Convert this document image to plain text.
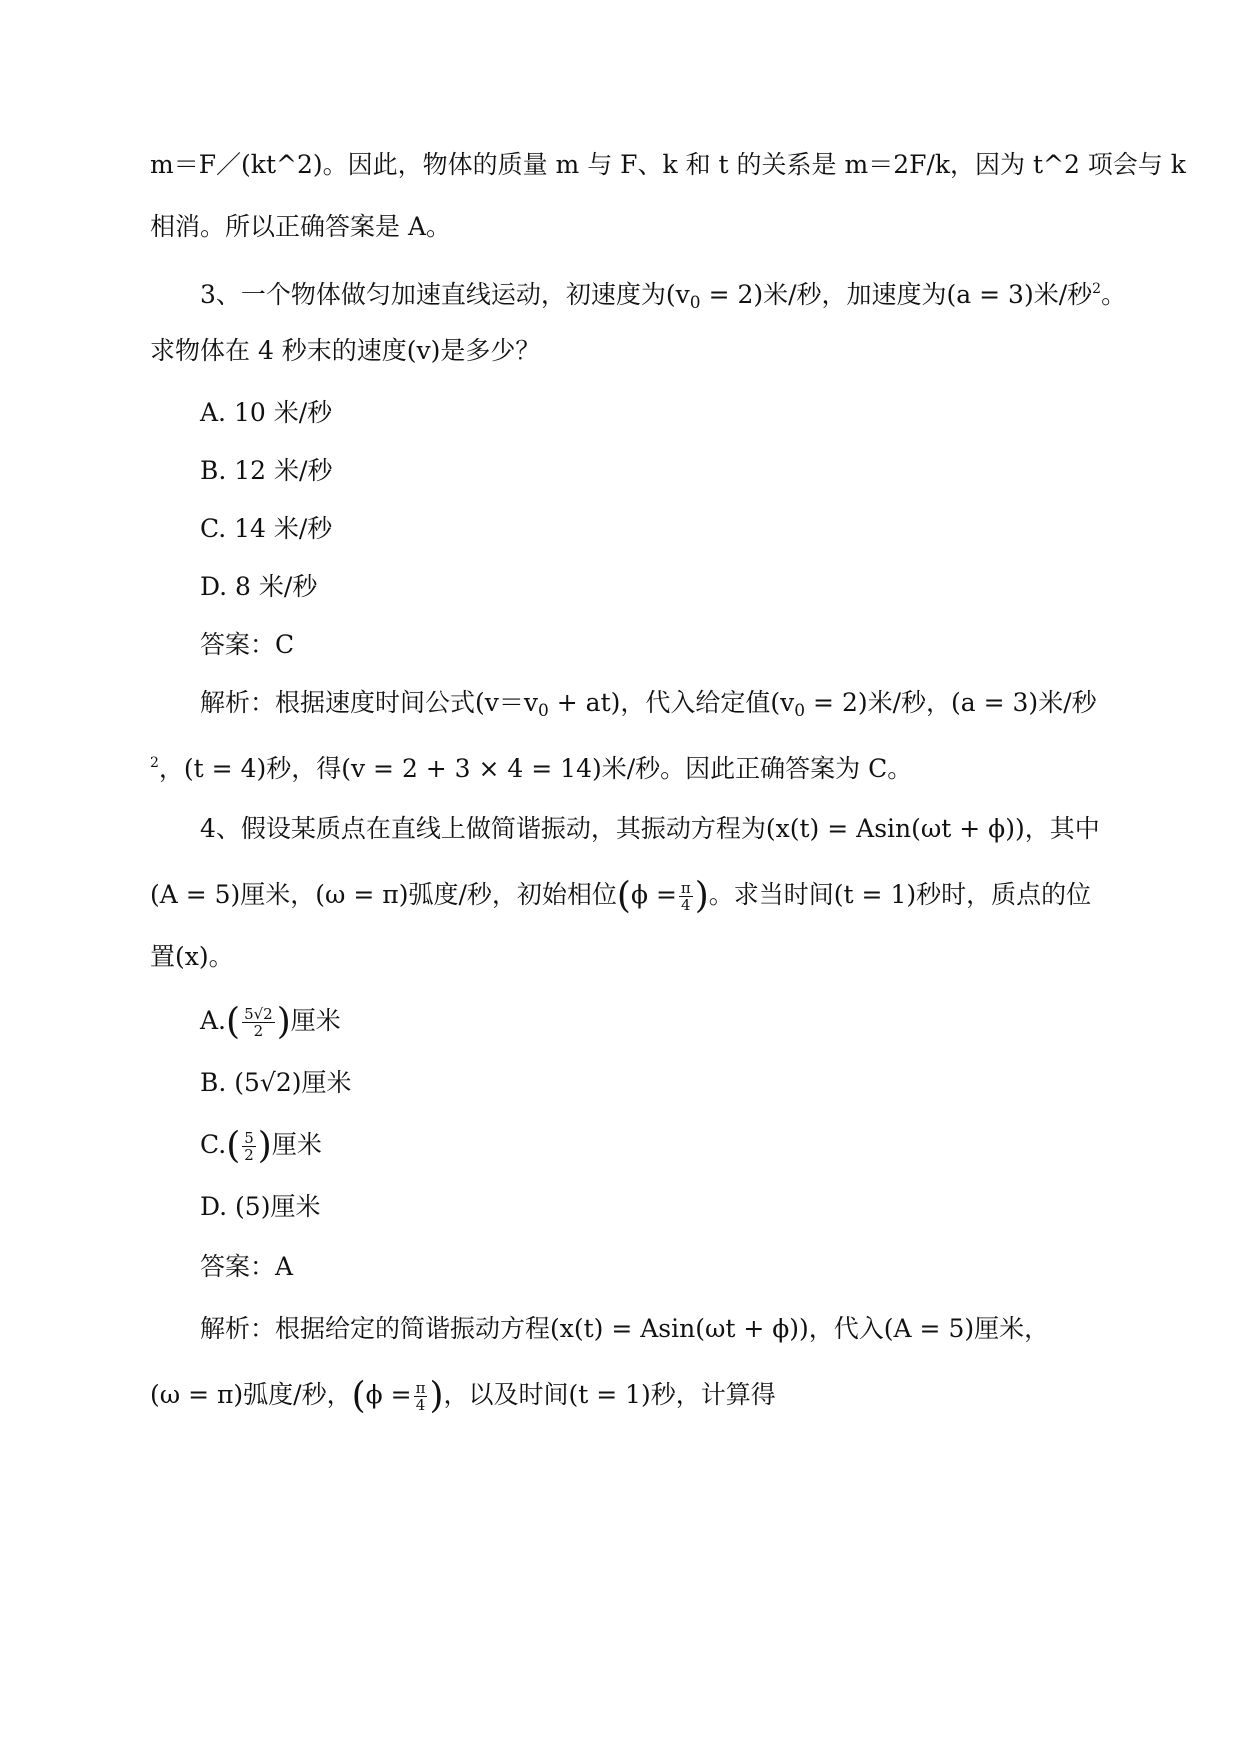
m＝F／(kt^2)。因此，物体的质量 m 与 F、k 和 t 的关系是 m＝2F/k，因为 t^2 项会与 k
相消。所以正确答案是 A。
3、一个物体做匀加速直线运动，初速度为$(v_0 = 2)$米/秒，加速度为(a = 3)米/秒$^2$。
求物体在 4 秒末的速度(v)是多少？
A. 10 米/秒
B. 12 米/秒
C. 14 米/秒
D. 8 米/秒
答案：C
解析：根据速度时间公式$(v=v_0 + at)$，代入给定值$(v_0 = 2)$米/秒，(a = 3)米/秒
$^2$，(t = 4)秒，得(v = 2 + 3 × 4 = 14)米/秒。因此正确答案为 C。
4、假设某质点在直线上做简谐振动，其振动方程为(x(t) = Asin(ωt + ϕ))，其中
(A = 5)厘米，(ω = π)弧度/秒，初始相位($\phi = \frac{\pi}{4}$ )。求当时间(t = 1)秒时，质点的位
置(x)。
$A.( \frac{5√2}{2}$ )厘米
B. (5√2)厘米
$C.( \frac{5}{2}$ )厘米
D. (5)厘米
答案：A
解析：根据给定的简谐振动方程(x(t) = Asin(ωt + ϕ))，代入(A = 5)厘米，
(ω = π)弧度/秒，($\phi = \frac{\pi}{4}$ )，以及时间(t = 1)秒，计算得
